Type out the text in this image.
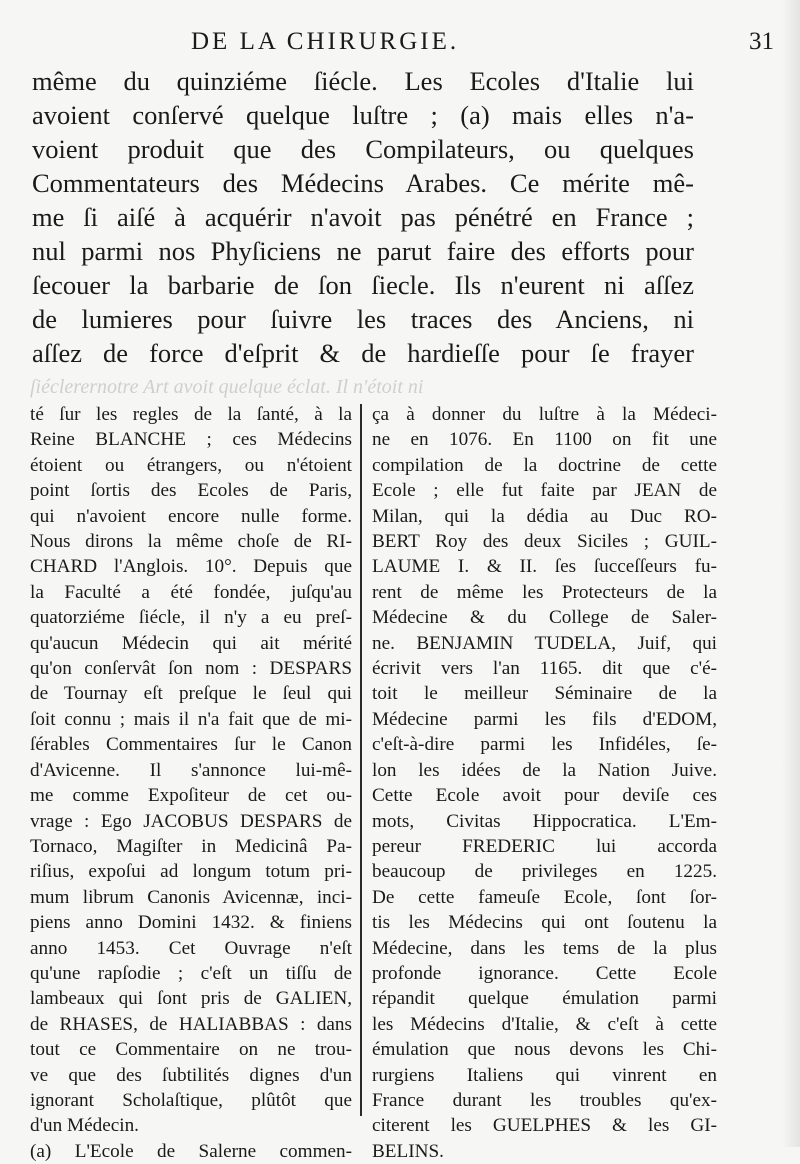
DE LA CHIRURGIE.	31
même du quinziéme ſiécle. Les Ecoles d'Italie lui
avoient conſervé quelque luſtre ; (a) mais elles n'a-
voient produit que des Compilateurs, ou quelques
Commentateurs des Médecins Arabes. Ce mérite mê-
me ſi aiſé à acquérir n'avoit pas pénétré en France ;
nul parmi nos Phyſiciens ne parut faire des efforts pour
ſecouer la barbarie de ſon ſiecle. Ils n'eurent ni aſſez
de lumieres pour ſuivre les traces des Anciens, ni
aſſez de force d'eſprit & de hardieſſe pour ſe frayer
ſiéclerernotre Art avoit quelque éclat. Il n'étoit ni
té ſur les regles de la ſanté, à la
Reine BLANCHE ; ces Médecins
étoient ou étrangers, ou n'étoient
point ſortis des Ecoles de Paris,
qui n'avoient encore nulle forme.
Nous dirons la même choſe de RI-
CHARD l'Anglois. 10°. Depuis que
la Faculté a été fondée, juſqu'au
quatorziéme ſiécle, il n'y a eu preſ-
qu'aucun Médecin qui ait mérité
qu'on conſervât ſon nom : DESPARS
de Tournay eſt preſque le ſeul qui
ſoit connu ; mais il n'a fait que de mi-
ſérables Commentaires ſur le Canon
d'Avicenne. Il s'annonce lui-mê-
me comme Expoſiteur de cet ou-
vrage : Ego JACOBUS DESPARS de
Tornaco, Magiſter in Medicinâ Pa-
riſius, expoſui ad longum totum pri-
mum librum Canonis Avicennæ, inci-
piens anno Domini 1432. & finiens
anno 1453. Cet Ouvrage n'eſt
qu'une rapſodie ; c'eſt un tiſſu de
lambeaux qui ſont pris de GALIEN,
de RHASES, de HALIABBAS : dans
tout ce Commentaire on ne trou-
ve que des ſubtilités dignes d'un
ignorant Scholaſtique, plûtôt que
d'un Médecin.
(a) L'Ecole de Salerne commen-
ça à donner du luſtre à la Médeci-
ne en 1076. En 1100 on fit une
compilation de la doctrine de cette
Ecole ; elle fut faite par JEAN de
Milan, qui la dédia au Duc RO-
BERT Roy des deux Siciles ; GUIL-
LAUME I. & II. ſes ſucceſſeurs fu-
rent de même les Protecteurs de la
Médecine & du College de Saler-
ne. BENJAMIN TUDELA, Juif, qui
écrivit vers l'an 1165. dit que c'é-
toit le meilleur Séminaire de la
Médecine parmi les fils d'EDOM,
c'eſt-à-dire parmi les Infidéles, ſe-
lon les idées de la Nation Juive.
Cette Ecole avoit pour deviſe ces
mots, Civitas Hippocratica. L'Em-
pereur FREDERIC lui accorda
beaucoup de privileges en 1225.
De cette fameuſe Ecole, ſont ſor-
tis les Médecins qui ont ſoutenu la
Médecine, dans les tems de la plus
profonde ignorance. Cette Ecole
répandit quelque émulation parmi
les Médecins d'Italie, & c'eſt à cette
émulation que nous devons les Chi-
rurgiens Italiens qui vinrent en
France durant les troubles qu'ex-
citerent les GUELPHES & les GI-
BELINS.
